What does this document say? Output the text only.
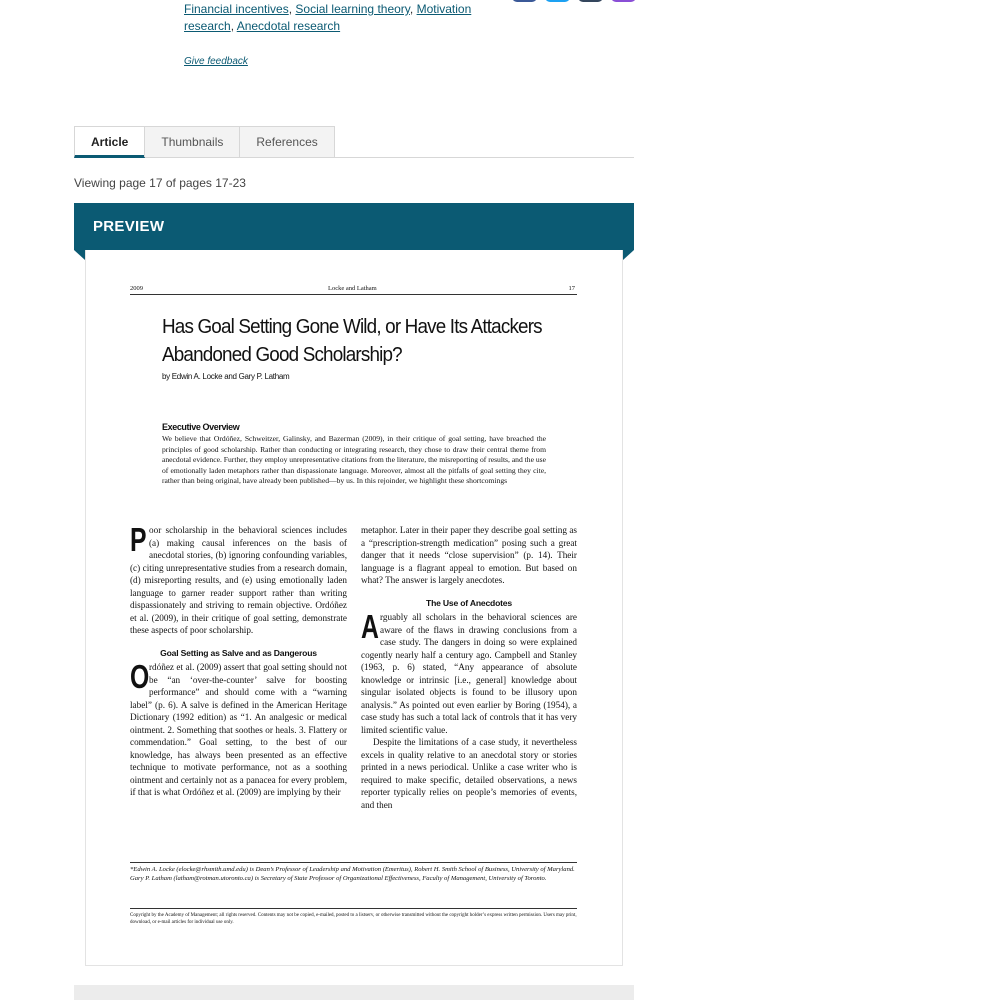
Financial incentives, Social learning theory, Motivation research, Anecdotal research
Give feedback
Article	Thumbnails	References
Viewing page 17 of pages 17-23
PREVIEW
2009	Locke and Latham	17
Has Goal Setting Gone Wild, or Have Its Attackers Abandoned Good Scholarship?
by Edwin A. Locke and Gary P. Latham
Executive Overview
We believe that Ordóñez, Schweitzer, Galinsky, and Bazerman (2009), in their critique of goal setting, have breached the principles of good scholarship. Rather than conducting or integrating research, they chose to draw their central theme from anecdotal evidence. Further, they employ unrepresentative citations from the literature, the misreporting of results, and the use of emotionally laden metaphors rather than dispassionate language. Moreover, almost all the pitfalls of goal setting they cite, rather than being original, have already been published—by us. In this rejoinder, we highlight these shortcomings

Poor scholarship in the behavioral sciences includes (a) making causal inferences on the basis of anecdotal stories, (b) ignoring confounding variables, (c) citing unrepresentative studies from a research domain, (d) misreporting results, and (e) using emotionally laden language to garner reader support rather than writing dispassionately and striving to remain objective. Ordóñez et al. (2009), in their critique of goal setting, demonstrate these aspects of poor scholarship.

Goal Setting as Salve and as Dangerous

Ordóñez et al. (2009) assert that goal setting should not be “an ‘over-the-counter’ salve for boosting performance” and should come with a “warning label” (p. 6). A salve is defined in the American Heritage Dictionary (1992 edition) as “1. An analgesic or medical ointment. 2. Something that soothes or heals. 3. Flattery or commendation.” Goal setting, to the best of our knowledge, has always been presented as an effective technique to motivate performance, not as a soothing ointment and certainly not as a panacea for every problem, if that is what Ordóñez et al. (2009) are implying by their

metaphor. Later in their paper they describe goal setting as a “prescription-strength medication” posing such a great danger that it needs “close supervision” (p. 14). Their language is a flagrant appeal to emotion. But based on what? The answer is largely anecdotes.

The Use of Anecdotes

Arguably all scholars in the behavioral sciences are aware of the flaws in drawing conclusions from a case study. The dangers in doing so were explained cogently nearly half a century ago. Campbell and Stanley (1963, p. 6) stated, “Any appearance of absolute knowledge or intrinsic [i.e., general] knowledge about singular isolated objects is found to be illusory upon analysis.” As pointed out even earlier by Boring (1954), a case study has such a total lack of controls that it has very limited scientific value.

Despite the limitations of a case study, it nevertheless excels in quality relative to an anecdotal story or stories printed in a news periodical. Unlike a case writer who is required to make specific, detailed observations, a news reporter typically relies on people’s memories of events, and then

*Edwin A. Locke (elocke@rhsmith.umd.edu) is Dean’s Professor of Leadership and Motivation (Emeritus), Robert H. Smith School of Business, University of Maryland. Gary P. Latham (latham@rotman.utoronto.ca) is Secretary of State Professor of Organizational Effectiveness, Faculty of Management, University of Toronto.
Copyright by the Academy of Management; all rights reserved. Contents may not be copied, e-mailed, posted to a listserv, or otherwise transmitted without the copyright holder’s express written permission. Users may print, download, or e-mail articles for individual use only.
